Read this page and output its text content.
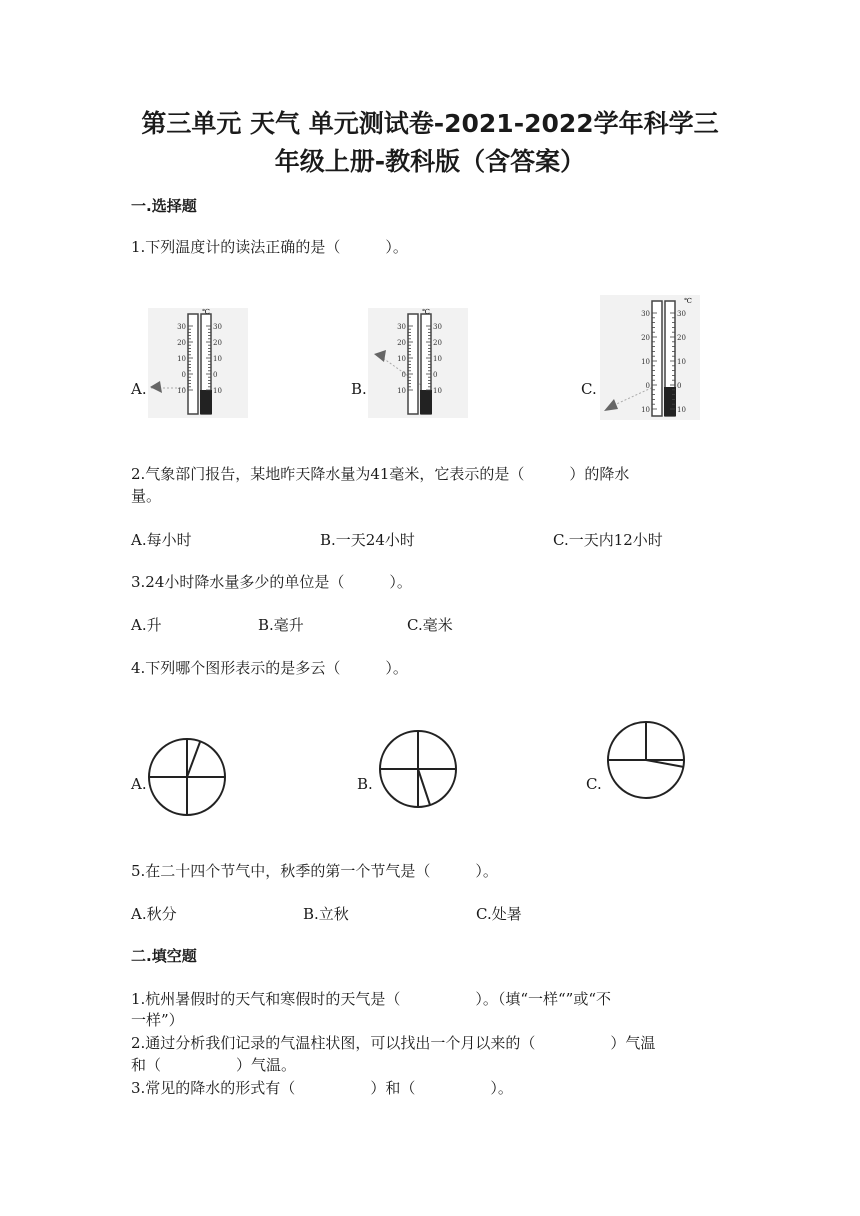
第三单元 天气 单元测试卷-2021-2022学年科学三
年级上册-教科版（含答案）
一.选择题
1.下列温度计的读法正确的是（　　　）。
A.	B.	C.
℃
30	30
20	20
10	10
0	0
10	10
℃
30	30
20	20
10	10
0	0
10	10
℃
30	30
20	20
10	10
0	0
10	10
2.气象部门报告，某地昨天降水量为41毫米，它表示的是（　　　）的降水
量。
A.每小时	B.一天24小时	C.一天内12小时
3.24小时降水量多少的单位是（　　　）。
A.升	B.毫升	C.毫米
4.下列哪个图形表示的是多云（　　　）。
A.	B.	C.
5.在二十四个节气中，秋季的第一个节气是（　　　）。
A.秋分	B.立秋	C.处暑
二.填空题
1.杭州暑假时的天气和寒假时的天气是（　　　　　）。（填“一样“”或“不
一样”）
2.通过分析我们记录的气温柱状图，可以找出一个月以来的（　　　　　）气温
和（　　　　　）气温。
3.常见的降水的形式有（　　　　　）和（　　　　　）。
